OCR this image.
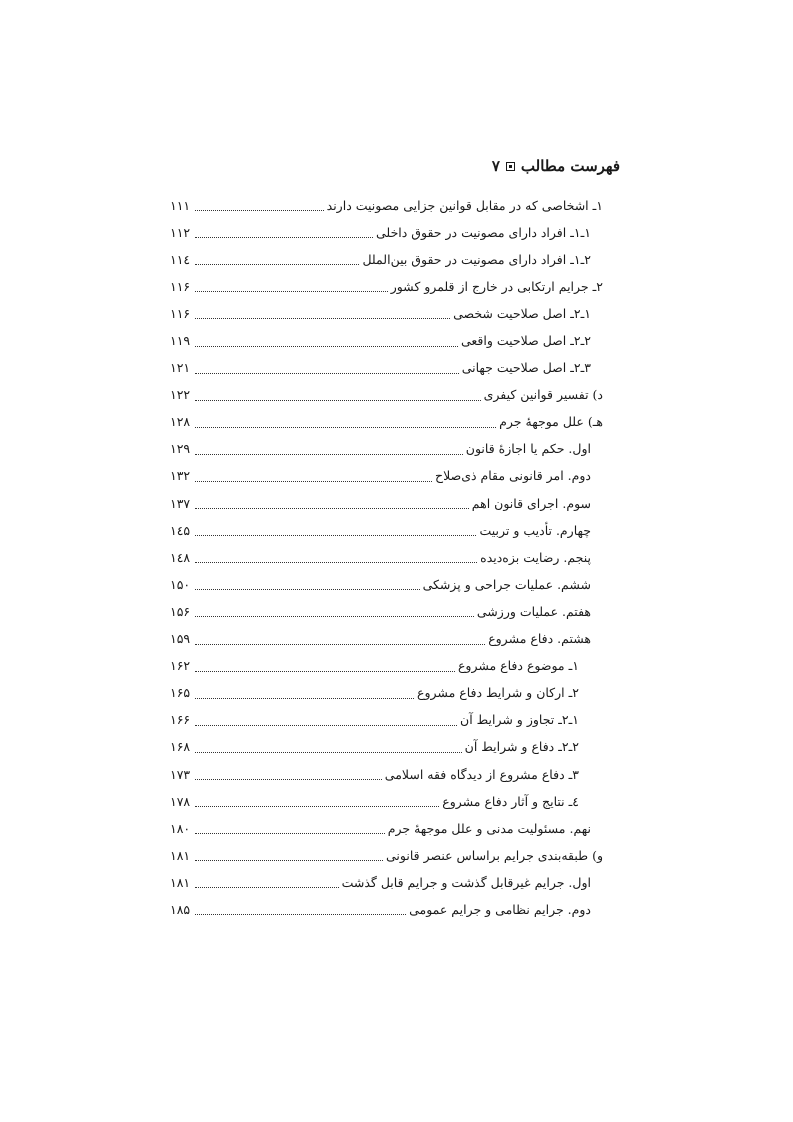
فهرست مطالب
۷
۱ـ اشخاصی که در مقابل قوانین جزایی مصونیت دارند
۱۱۱
۱ـ۱ـ افراد دارای مصونیت در حقوق داخلی
۱۱۲
۲ـ۱ـ افراد دارای مصونیت در حقوق بین‌الملل
۱۱٤
۲ـ جرایم ارتکابی در خارج از قلمرو کشور
۱۱۶
۱ـ۲ـ اصل صلاحیت شخصی
۱۱۶
۲ـ۲ـ اصل صلاحیت واقعی
۱۱۹
۳ـ۲ـ اصل صلاحیت جهانی
۱۲۱
د) تفسیر قوانین کیفری
۱۲۲
هـ) علل موجههٔ جرم
۱۲۸
اول. حکم یا اجازهٔ قانون
۱۲۹
دوم. امر قانونی مقام ذی‌صلاح
۱۳۲
سوم. اجرای قانون اهم
۱۳۷
چهارم. تأدیب و تربیت
۱٤۵
پنجم. رضایت بزه‌دیده
۱٤۸
ششم. عملیات جراحی و پزشکی
۱۵۰
هفتم. عملیات ورزشی
۱۵۶
هشتم. دفاع مشروع
۱۵۹
۱ـ موضوع دفاع مشروع
۱۶۲
۲ـ ارکان و شرایط دفاع مشروع
۱۶۵
۱ـ۲ـ تجاوز و شرایط آن
۱۶۶
۲ـ۲ـ دفاع و شرایط آن
۱۶۸
۳ـ دفاع مشروع از دیدگاه فقه اسلامی
۱۷۳
٤ـ نتایج و آثار دفاع مشروع
۱۷۸
نهم. مسئولیت مدنی و علل موجههٔ جرم
۱۸۰
و) طبقه‌بندی جرایم براساس عنصر قانونی
۱۸۱
اول. جرایم غیرقابل گذشت و جرایم قابل گذشت
۱۸۱
دوم. جرایم نظامی و جرایم عمومی
۱۸۵
